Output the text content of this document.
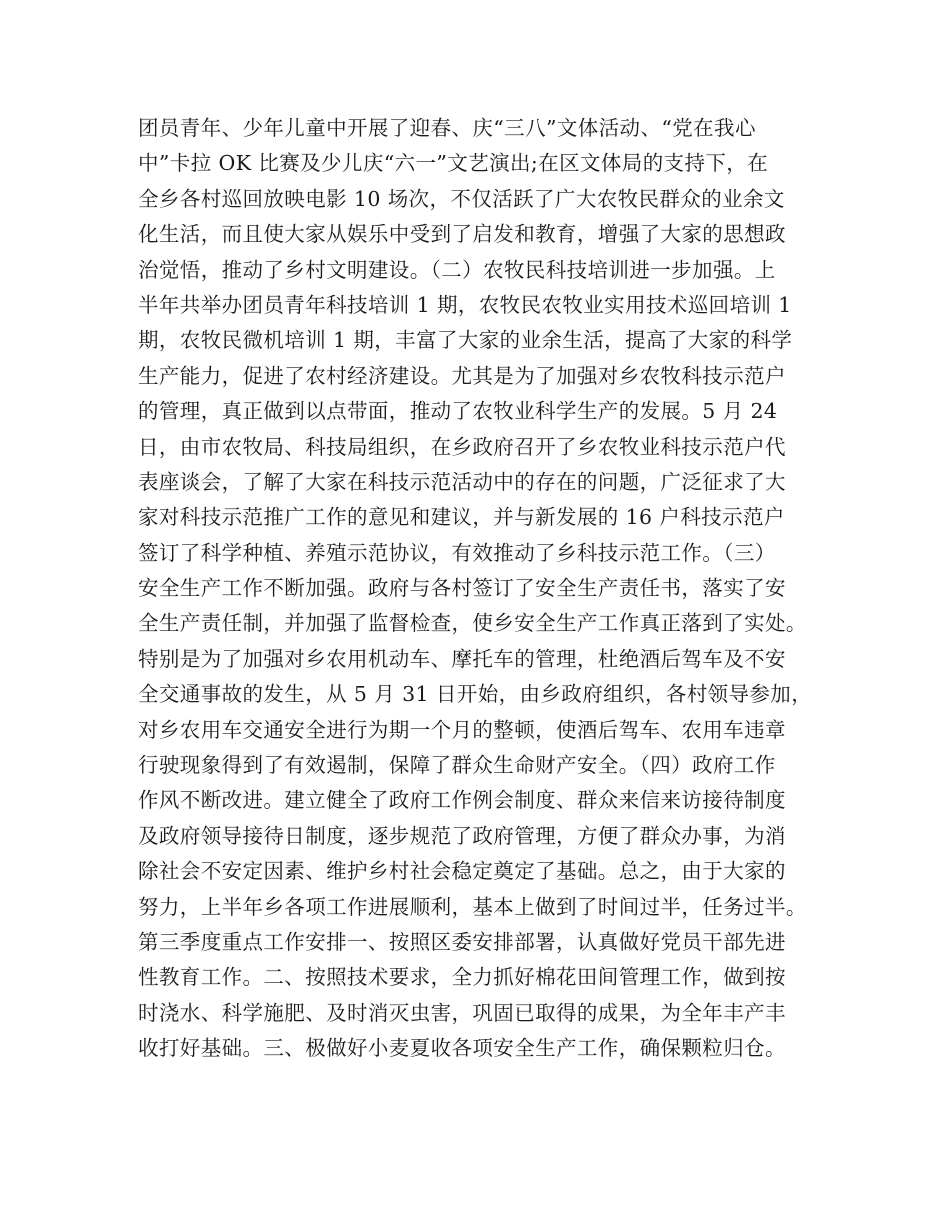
团员青年、少年儿童中开展了迎春、庆“三八”文体活动、“党在我心
中”卡拉 OK 比赛及少儿庆“六一”文艺演出;在区文体局的支持下，在
全乡各村巡回放映电影 10 场次，不仅活跃了广大农牧民群众的业余文
化生活，而且使大家从娱乐中受到了启发和教育，增强了大家的思想政
治觉悟，推动了乡村文明建设。（二）农牧民科技培训进一步加强。上
半年共举办团员青年科技培训 1 期，农牧民农牧业实用技术巡回培训 1
期，农牧民微机培训 1 期，丰富了大家的业余生活，提高了大家的科学
生产能力，促进了农村经济建设。尤其是为了加强对乡农牧科技示范户
的管理，真正做到以点带面，推动了农牧业科学生产的发展。5 月 24
日，由市农牧局、科技局组织，在乡政府召开了乡农牧业科技示范户代
表座谈会，了解了大家在科技示范活动中的存在的问题，广泛征求了大
家对科技示范推广工作的意见和建议，并与新发展的 16 户科技示范户
签订了科学种植、养殖示范协议，有效推动了乡科技示范工作。（三）
安全生产工作不断加强。政府与各村签订了安全生产责任书，落实了安
全生产责任制，并加强了监督检查，使乡安全生产工作真正落到了实处。
特别是为了加强对乡农用机动车、摩托车的管理，杜绝酒后驾车及不安
全交通事故的发生，从 5 月 31 日开始，由乡政府组织，各村领导参加，
对乡农用车交通安全进行为期一个月的整顿，使酒后驾车、农用车违章
行驶现象得到了有效遏制，保障了群众生命财产安全。（四）政府工作
作风不断改进。建立健全了政府工作例会制度、群众来信来访接待制度
及政府领导接待日制度，逐步规范了政府管理，方便了群众办事，为消
除社会不安定因素、维护乡村社会稳定奠定了基础。总之，由于大家的
努力，上半年乡各项工作进展顺利，基本上做到了时间过半，任务过半。
第三季度重点工作安排一、按照区委安排部署，认真做好党员干部先进
性教育工作。二、按照技术要求，全力抓好棉花田间管理工作，做到按
时浇水、科学施肥、及时消灭虫害，巩固已取得的成果，为全年丰产丰
收打好基础。三、极做好小麦夏收各项安全生产工作，确保颗粒归仓。
